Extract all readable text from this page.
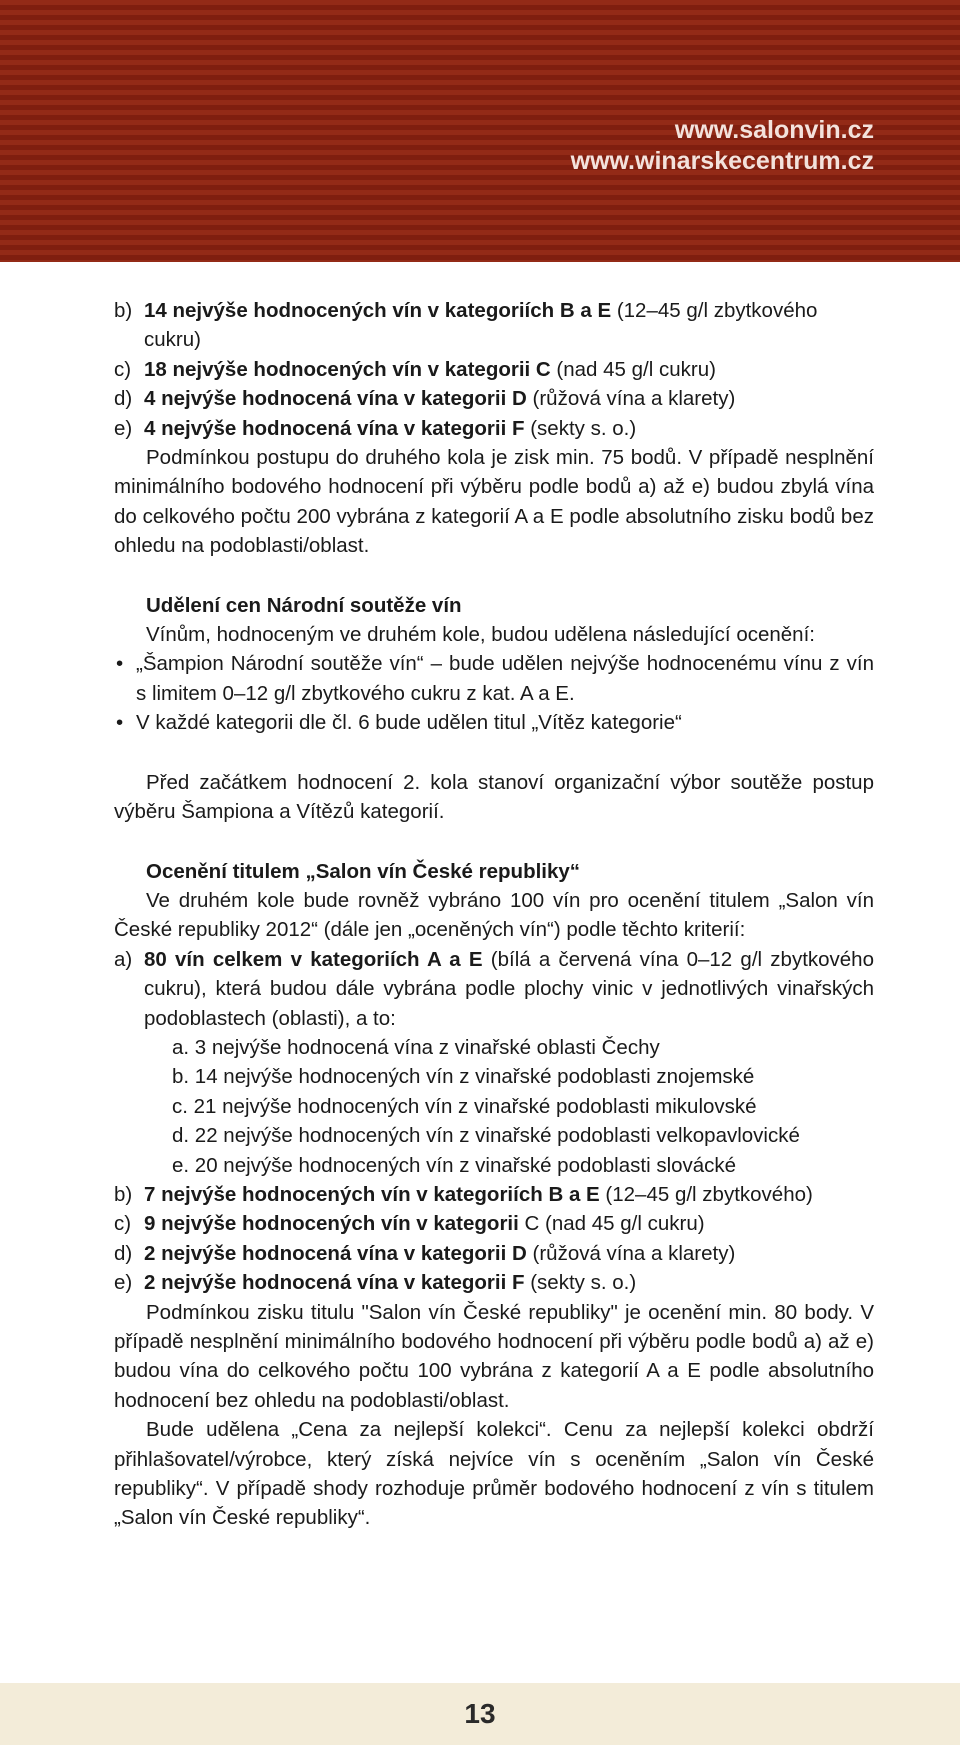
www.salonvin.cz
www.winarskecentrum.cz
b) 14 nejvýše hodnocených vín v kategoriích B a E (12–45 g/l zbytkového cukru)
c) 18 nejvýše hodnocených vín v kategorii C (nad 45 g/l cukru)
d) 4 nejvýše hodnocená vína v kategorii D (růžová vína a klarety)
e) 4 nejvýše hodnocená vína v kategorii F (sekty s. o.)

Podmínkou postupu do druhého kola je zisk min. 75 bodů. V případě nesplnění minimálního bodového hodnocení při výběru podle bodů a) až e) budou zbylá vína do celkového počtu 200 vybrána z kategorií A a E podle absolutního zisku bodů bez ohledu na podoblasti/oblast.

Udělení cen Národní soutěže vín

Vínům, hodnoceným ve druhém kole, budou udělena následující ocenění:

• „Šampion Národní soutěže vín“ – bude udělen nejvýše hodnocenému vínu z vín s limitem 0–12 g/l zbytkového cukru z kat. A a E.
• V každé kategorii dle čl. 6 bude udělen titul „Vítěz kategorie“

Před začátkem hodnocení 2. kola stanoví organizační výbor soutěže postup výběru Šampiona a Vítězů kategorií.

Ocenění titulem „Salon vín České republiky“

Ve druhém kole bude rovněž vybráno 100 vín pro ocenění titulem „Salon vín České republiky 2012“ (dále jen „oceněných vín“) podle těchto kriterií:

a) 80 vín celkem v kategoriích A a E (bílá a červená vína 0–12 g/l zbytkového cukru), která budou dále vybrána podle plochy vinic v jednotlivých vinařských podoblastech (oblasti), a to:
a. 3 nejvýše hodnocená vína z vinařské oblasti Čechy
b. 14 nejvýše hodnocených vín z vinařské podoblasti znojemské
c. 21 nejvýše hodnocených vín z vinařské podoblasti mikulovské
d. 22 nejvýše hodnocených vín z vinařské podoblasti velkopavlovické
e. 20 nejvýše hodnocených vín z vinařské podoblasti slovácké
b) 7 nejvýše hodnocených vín v kategoriích B a E (12–45 g/l zbytkového)
c) 9 nejvýše hodnocených vín v kategorii C (nad 45 g/l cukru)
d) 2 nejvýše hodnocená vína v kategorii D (růžová vína a klarety)
e) 2 nejvýše hodnocená vína v kategorii F (sekty s. o.)

Podmínkou zisku titulu "Salon vín České republiky" je ocenění min. 80 body. V případě nesplnění minimálního bodového hodnocení při výběru podle bodů a) až e) budou vína do celkového počtu 100 vybrána z kategorií A a E podle absolutního hodnocení bez ohledu na podoblasti/oblast.

Bude udělena „Cena za nejlepší kolekci“. Cenu za nejlepší kolekci obdrží přihlašovatel/výrobce, který získá nejvíce vín s oceněním „Salon vín České republiky“. V případě shody rozhoduje průměr bodového hodnocení z vín s titulem „Salon vín České republiky“.

13
